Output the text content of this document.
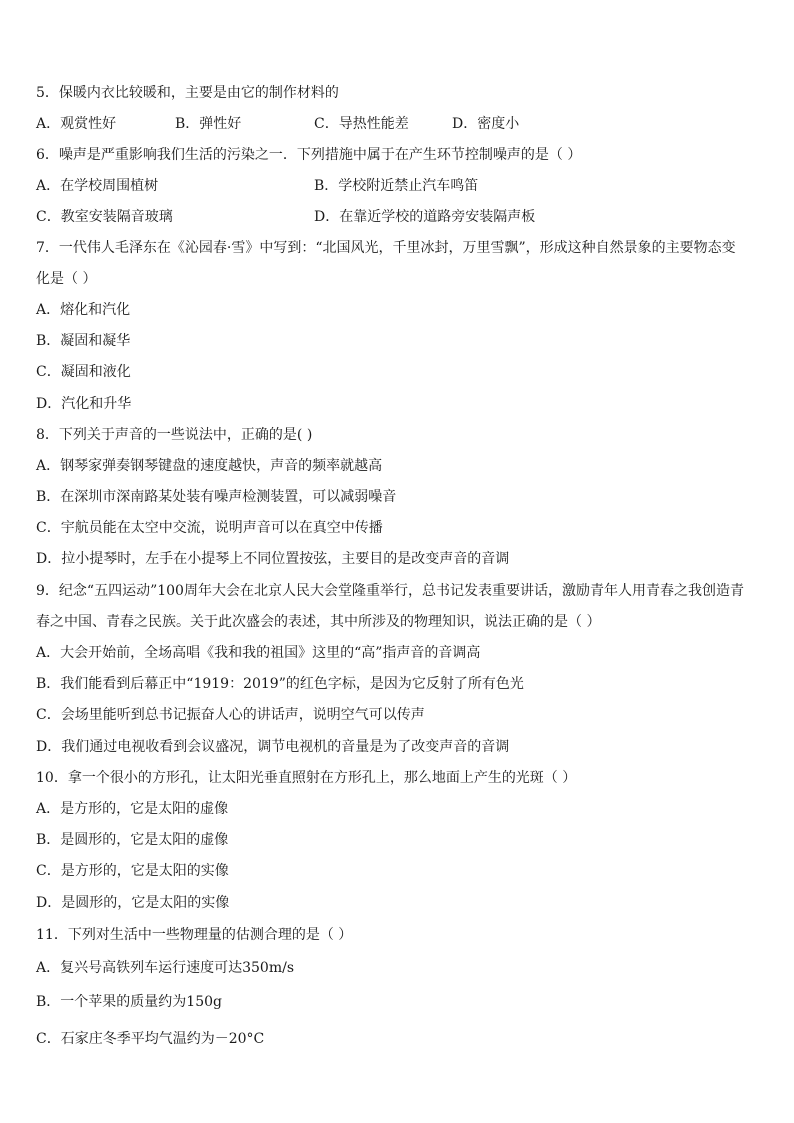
5．保暖内衣比较暖和，主要是由它的制作材料的
A．观赏性好	B．弹性好	C．导热性能差	D．密度小
6．噪声是严重影响我们生活的污染之一．下列措施中属于在产生环节控制噪声的是（ ）
A．在学校周围植树	B．学校附近禁止汽车鸣笛
C．教室安装隔音玻璃	D．在靠近学校的道路旁安装隔声板
7．一代伟人毛泽东在《沁园春·雪》中写到：“北国风光，千里冰封，万里雪飘”，形成这种自然景象的主要物态变
化是（ ）
A．熔化和汽化
B．凝固和凝华
C．凝固和液化
D．汽化和升华
8．下列关于声音的一些说法中，正确的是( )
A．钢琴家弹奏钢琴键盘的速度越快，声音的频率就越高
B．在深圳市深南路某处装有噪声检测装置，可以减弱噪音
C．宇航员能在太空中交流，说明声音可以在真空中传播
D．拉小提琴时，左手在小提琴上不同位置按弦，主要目的是改变声音的音调
9．纪念“五四运动”100周年大会在北京人民大会堂隆重举行，总书记发表重要讲话，激励青年人用青春之我创造青
春之中国、青春之民族。关于此次盛会的表述，其中所涉及的物理知识，说法正确的是（ ）
A．大会开始前，全场高唱《我和我的祖国》这里的“高”指声音的音调高
B．我们能看到后幕正中“1919：2019”的红色字标，是因为它反射了所有色光
C．会场里能听到总书记振奋人心的讲话声，说明空气可以传声
D．我们通过电视收看到会议盛况，调节电视机的音量是为了改变声音的音调
10．拿一个很小的方形孔，让太阳光垂直照射在方形孔上，那么地面上产生的光斑（ ）
A．是方形的，它是太阳的虚像
B．是圆形的，它是太阳的虚像
C．是方形的，它是太阳的实像
D．是圆形的，它是太阳的实像
11．下列对生活中一些物理量的估测合理的是（ ）
A．复兴号高铁列车运行速度可达350m/s
B．一个苹果的质量约为150g
C．石家庄冬季平均气温约为－20°C
